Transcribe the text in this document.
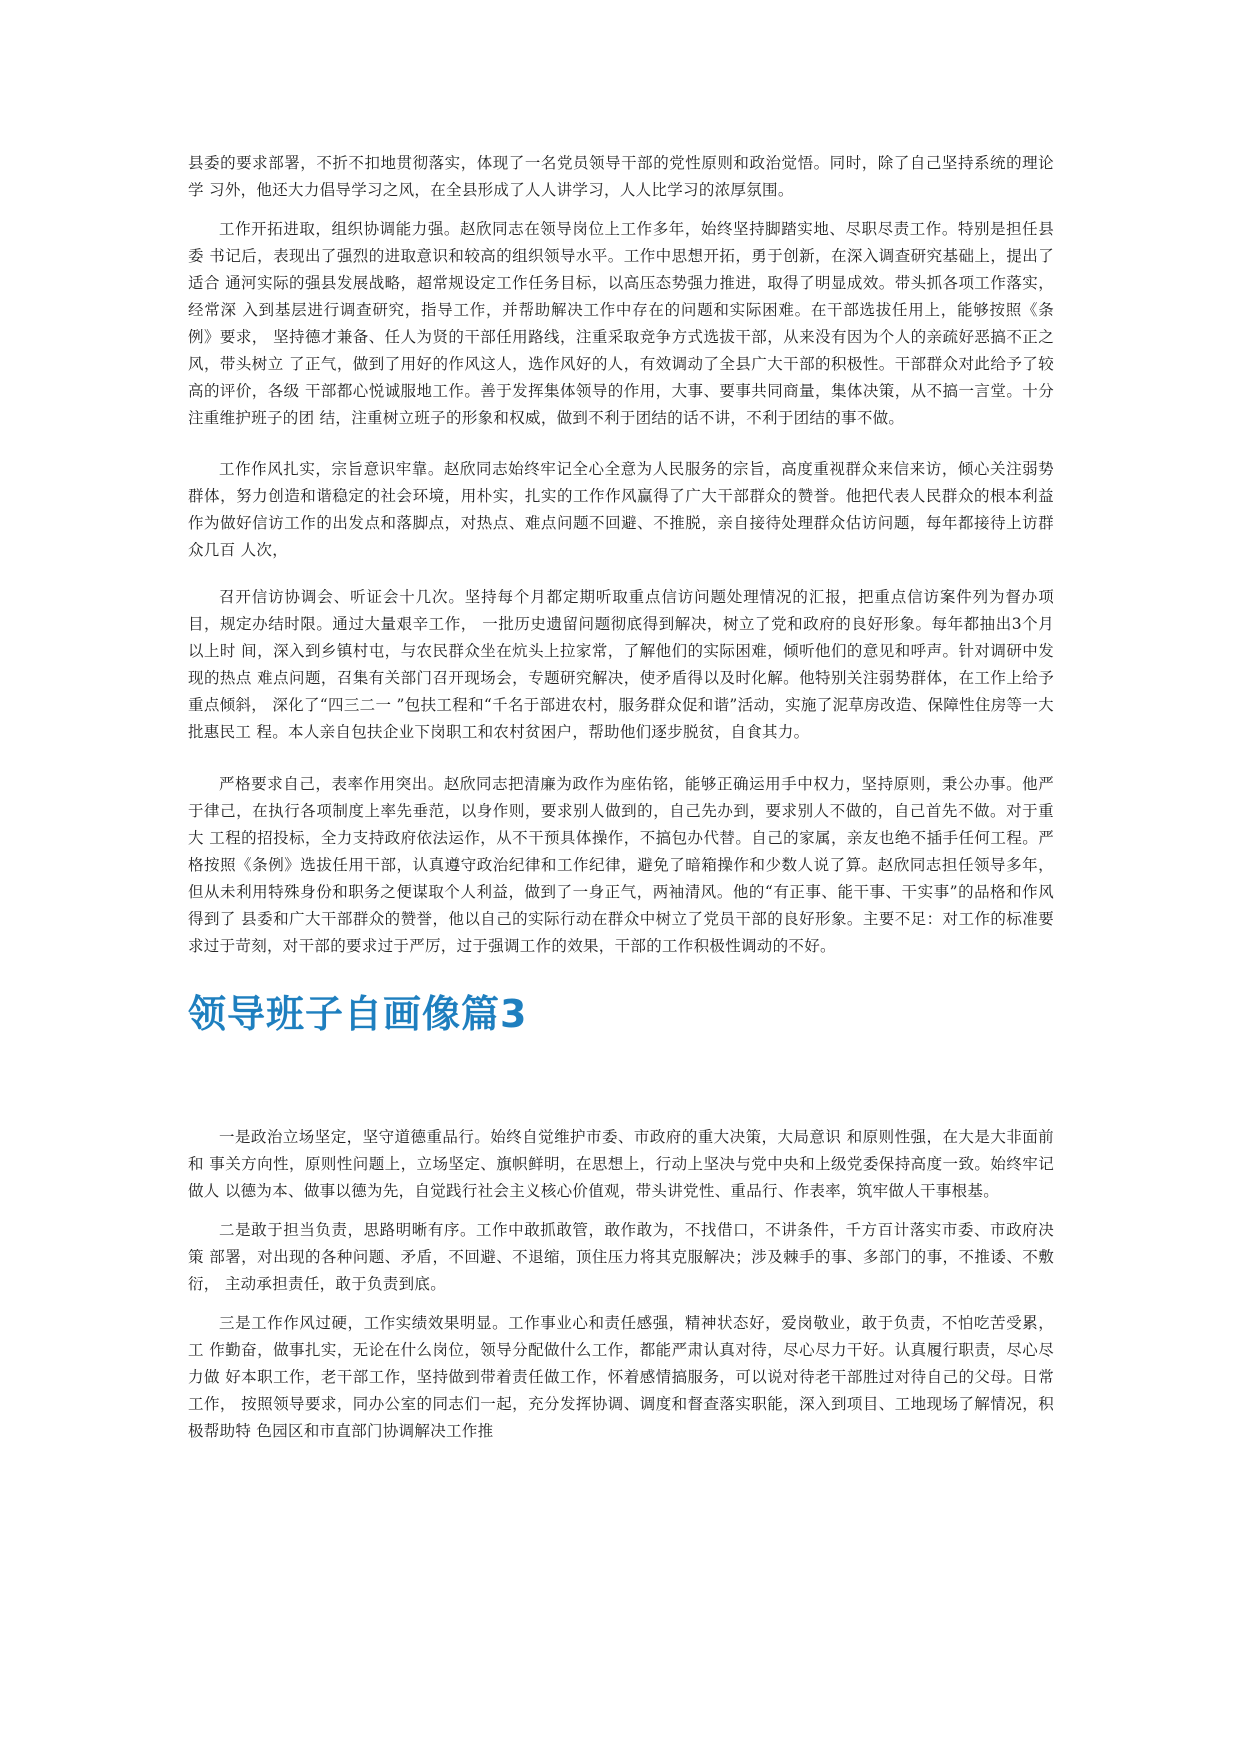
县委的要求部署，不折不扣地贯彻落实，体现了一名党员领导干部的党性原则和政治觉悟。同时，除了自己坚持系统的理论学 习外，他还大力倡导学习之风，在全县形成了人人讲学习，人人比学习的浓厚氛围。

工作开拓进取，组织协调能力强。赵欣同志在领导岗位上工作多年，始终坚持脚踏实地、尽职尽责工作。特别是担任县委 书记后，表现出了强烈的进取意识和较高的组织领导水平。工作中思想开拓，勇于创新，在深入调查研究基础上，提出了适合 通河实际的强县发展战略，超常规设定工作任务目标，以高压态势强力推进，取得了明显成效。带头抓各项工作落实，经常深 入到基层进行调查研究，指导工作，并帮助解决工作中存在的问题和实际困难。在干部选拔任用上，能够按照《条例》要求， 坚持德才兼备、任人为贤的干部任用路线，注重采取竞争方式选拔干部，从来没有因为个人的亲疏好恶搞不正之风，带头树立 了正气，做到了用好的作风这人，选作风好的人，有效调动了全县广大干部的积极性。干部群众对此给予了较高的评价，各级 干部都心悦诚服地工作。善于发挥集体领导的作用，大事、要事共同商量，集体决策，从不搞一言堂。十分注重维护班子的团 结，注重树立班子的形象和权威，做到不利于团结的话不讲，不利于团结的事不做。

工作作风扎实，宗旨意识牢靠。赵欣同志始终牢记全心全意为人民服务的宗旨，高度重视群众来信来访，倾心关注弱势群体，努力创造和谐稳定的社会环境，用朴实，扎实的工作作风赢得了广大干部群众的赞誉。他把代表人民群众的根本利益作为做好信访工作的出发点和落脚点，对热点、难点问题不回避、不推脱，亲自接待处理群众估访问题，每年都接待上访群众几百 人次，

召开信访协调会、听证会十几次。坚持每个月都定期听取重点信访问题处理情况的汇报，把重点信访案件列为督办项目，规定办结时限。通过大量艰辛工作， 一批历史遗留问题彻底得到解决，树立了党和政府的良好形象。每年都抽出3个月以上时 间，深入到乡镇村屯，与农民群众坐在炕头上拉家常，了解他们的实际困难，倾听他们的意见和呼声。针对调研中发现的热点 难点问题，召集有关部门召开现场会，专题研究解决，使矛盾得以及时化解。他特别关注弱势群体，在工作上给予重点倾斜， 深化了“四三二一 ”包扶工程和“千名于部进农村，服务群众促和谐”活动，实施了泥草房改造、保障性住房等一大批惠民工 程。本人亲自包扶企业下岗职工和农村贫困户，帮助他们逐步脱贫，自食其力。

严格要求自己，表率作用突出。赵欣同志把清廉为政作为座佑铭，能够正确运用手中权力，坚持原则，秉公办事。他严于律己，在执行各项制度上率先垂范，以身作则，要求别人做到的，自己先办到，要求别人不做的，自己首先不做。对于重大 工程的招投标，全力支持政府依法运作，从不干预具体操作，不搞包办代替。自己的家属，亲友也绝不插手任何工程。严格按照《条例》选拔任用干部，认真遵守政治纪律和工作纪律，避免了暗箱操作和少数人说了算。赵欣同志担任领导多年，但从未利用特殊身份和职务之便谋取个人利益，做到了一身正气，两袖清风。他的“有正事、能干事、干实事”的品格和作风得到了 县委和广大干部群众的赞誉，他以自己的实际行动在群众中树立了党员干部的良好形象。主要不足：对工作的标准要求过于苛刻，对干部的要求过于严厉，过于强调工作的效果，干部的工作积极性调动的不好。

领导班子自画像篇3

一是政治立场坚定，坚守道德重品行。始终自觉维护市委、市政府的重大决策，大局意识 和原则性强，在大是大非面前和 事关方向性，原则性问题上，立场坚定、旗帜鲜明，在思想上，行动上坚决与党中央和上级党委保持高度一致。始终牢记做人 以德为本、做事以德为先，自觉践行社会主义核心价值观，带头讲党性、重品行、作表率，筑牢做人干事根基。

二是敢于担当负责，思路明晰有序。工作中敢抓敢管，敢作敢为，不找借口，不讲条件，千方百计落实市委、市政府决策 部署，对出现的各种问题、矛盾，不回避、不退缩，顶住压力将其克服解决；涉及棘手的事、多部门的事，不推诿、不敷衍， 主动承担责任，敢于负责到底。

三是工作作风过硬，工作实绩效果明显。工作事业心和责任感强，精神状态好，爱岗敬业，敢于负责，不怕吃苦受累，工 作勤奋，做事扎实，无论在什么岗位，领导分配做什么工作，都能严肃认真对待，尽心尽力干好。认真履行职责，尽心尽力做 好本职工作，老干部工作，坚持做到带着责任做工作，怀着感情搞服务，可以说对待老干部胜过对待自己的父母。日常工作， 按照领导要求，同办公室的同志们一起，充分发挥协调、调度和督查落实职能，深入到项目、工地现场了解情况，积极帮助特 色园区和市直部门协调解决工作推
